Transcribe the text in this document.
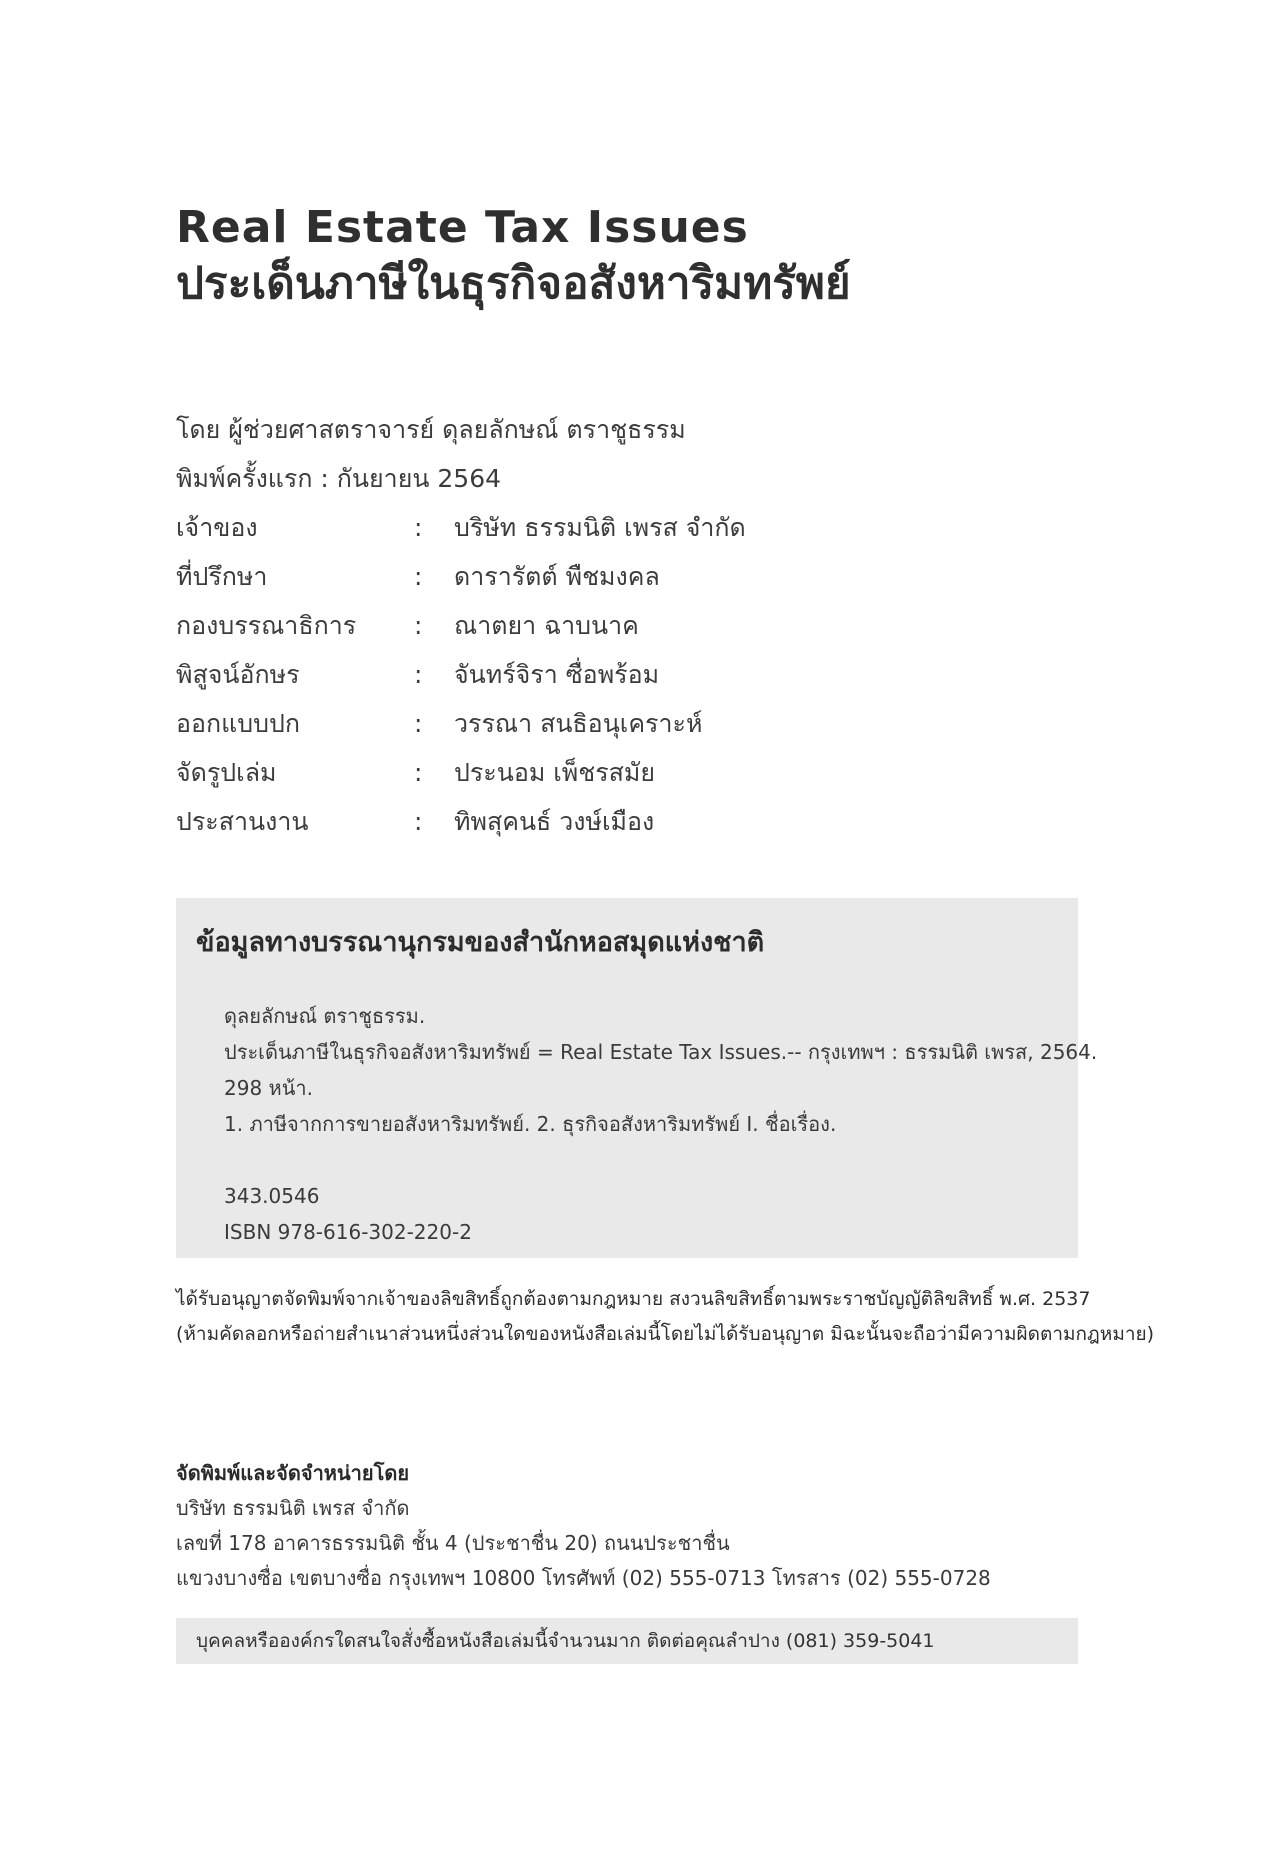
Real Estate Tax Issues
ประเด็นภาษีในธุรกิจอสังหาริมทรัพย์
โดย ผู้ช่วยศาสตราจารย์ ดุลยลักษณ์ ตราชูธรรม
พิมพ์ครั้งแรก : กันยายน 2564
เจ้าของ	: บริษัท ธรรมนิติ เพรส จำกัด
ที่ปรึกษา	: ดารารัตต์ พืชมงคล
กองบรรณาธิการ : ณาตยา ฉาบนาค
พิสูจน์อักษร	: จันทร์จิรา ซื่อพร้อม
ออกแบบปก	: วรรณา สนธิอนุเคราะห์
จัดรูปเล่ม	: ประนอม เพ็ชรสมัย
ประสานงาน	: ทิพสุคนธ์ วงษ์เมือง
ข้อมูลทางบรรณานุกรมของสำนักหอสมุดแห่งชาติ
ดุลยลักษณ์ ตราชูธรรม.
ประเด็นภาษีในธุรกิจอสังหาริมทรัพย์ = Real Estate Tax Issues.-- กรุงเทพฯ : ธรรมนิติ เพรส, 2564.
298 หน้า.
1. ภาษีจากการขายอสังหาริมทรัพย์. 2. ธุรกิจอสังหาริมทรัพย์ I. ชื่อเรื่อง.
343.0546
ISBN 978-616-302-220-2
ได้รับอนุญาตจัดพิมพ์จากเจ้าของลิขสิทธิ์ถูกต้องตามกฎหมาย สงวนลิขสิทธิ์ตามพระราชบัญญัติลิขสิทธิ์ พ.ศ. 2537
(ห้ามคัดลอกหรือถ่ายสำเนาส่วนหนึ่งส่วนใดของหนังสือเล่มนี้โดยไม่ได้รับอนุญาต มิฉะนั้นจะถือว่ามีความผิดตามกฎหมาย)
จัดพิมพ์และจัดจำหน่ายโดย
บริษัท ธรรมนิติ เพรส จำกัด
เลขที่ 178 อาคารธรรมนิติ ชั้น 4 (ประชาชื่น 20) ถนนประชาชื่น
แขวงบางซื่อ เขตบางซื่อ กรุงเทพฯ 10800 โทรศัพท์ (02) 555-0713 โทรสาร (02) 555-0728
บุคคลหรือองค์กรใดสนใจสั่งซื้อหนังสือเล่มนี้จำนวนมาก ติดต่อคุณลำปาง (081) 359-5041
